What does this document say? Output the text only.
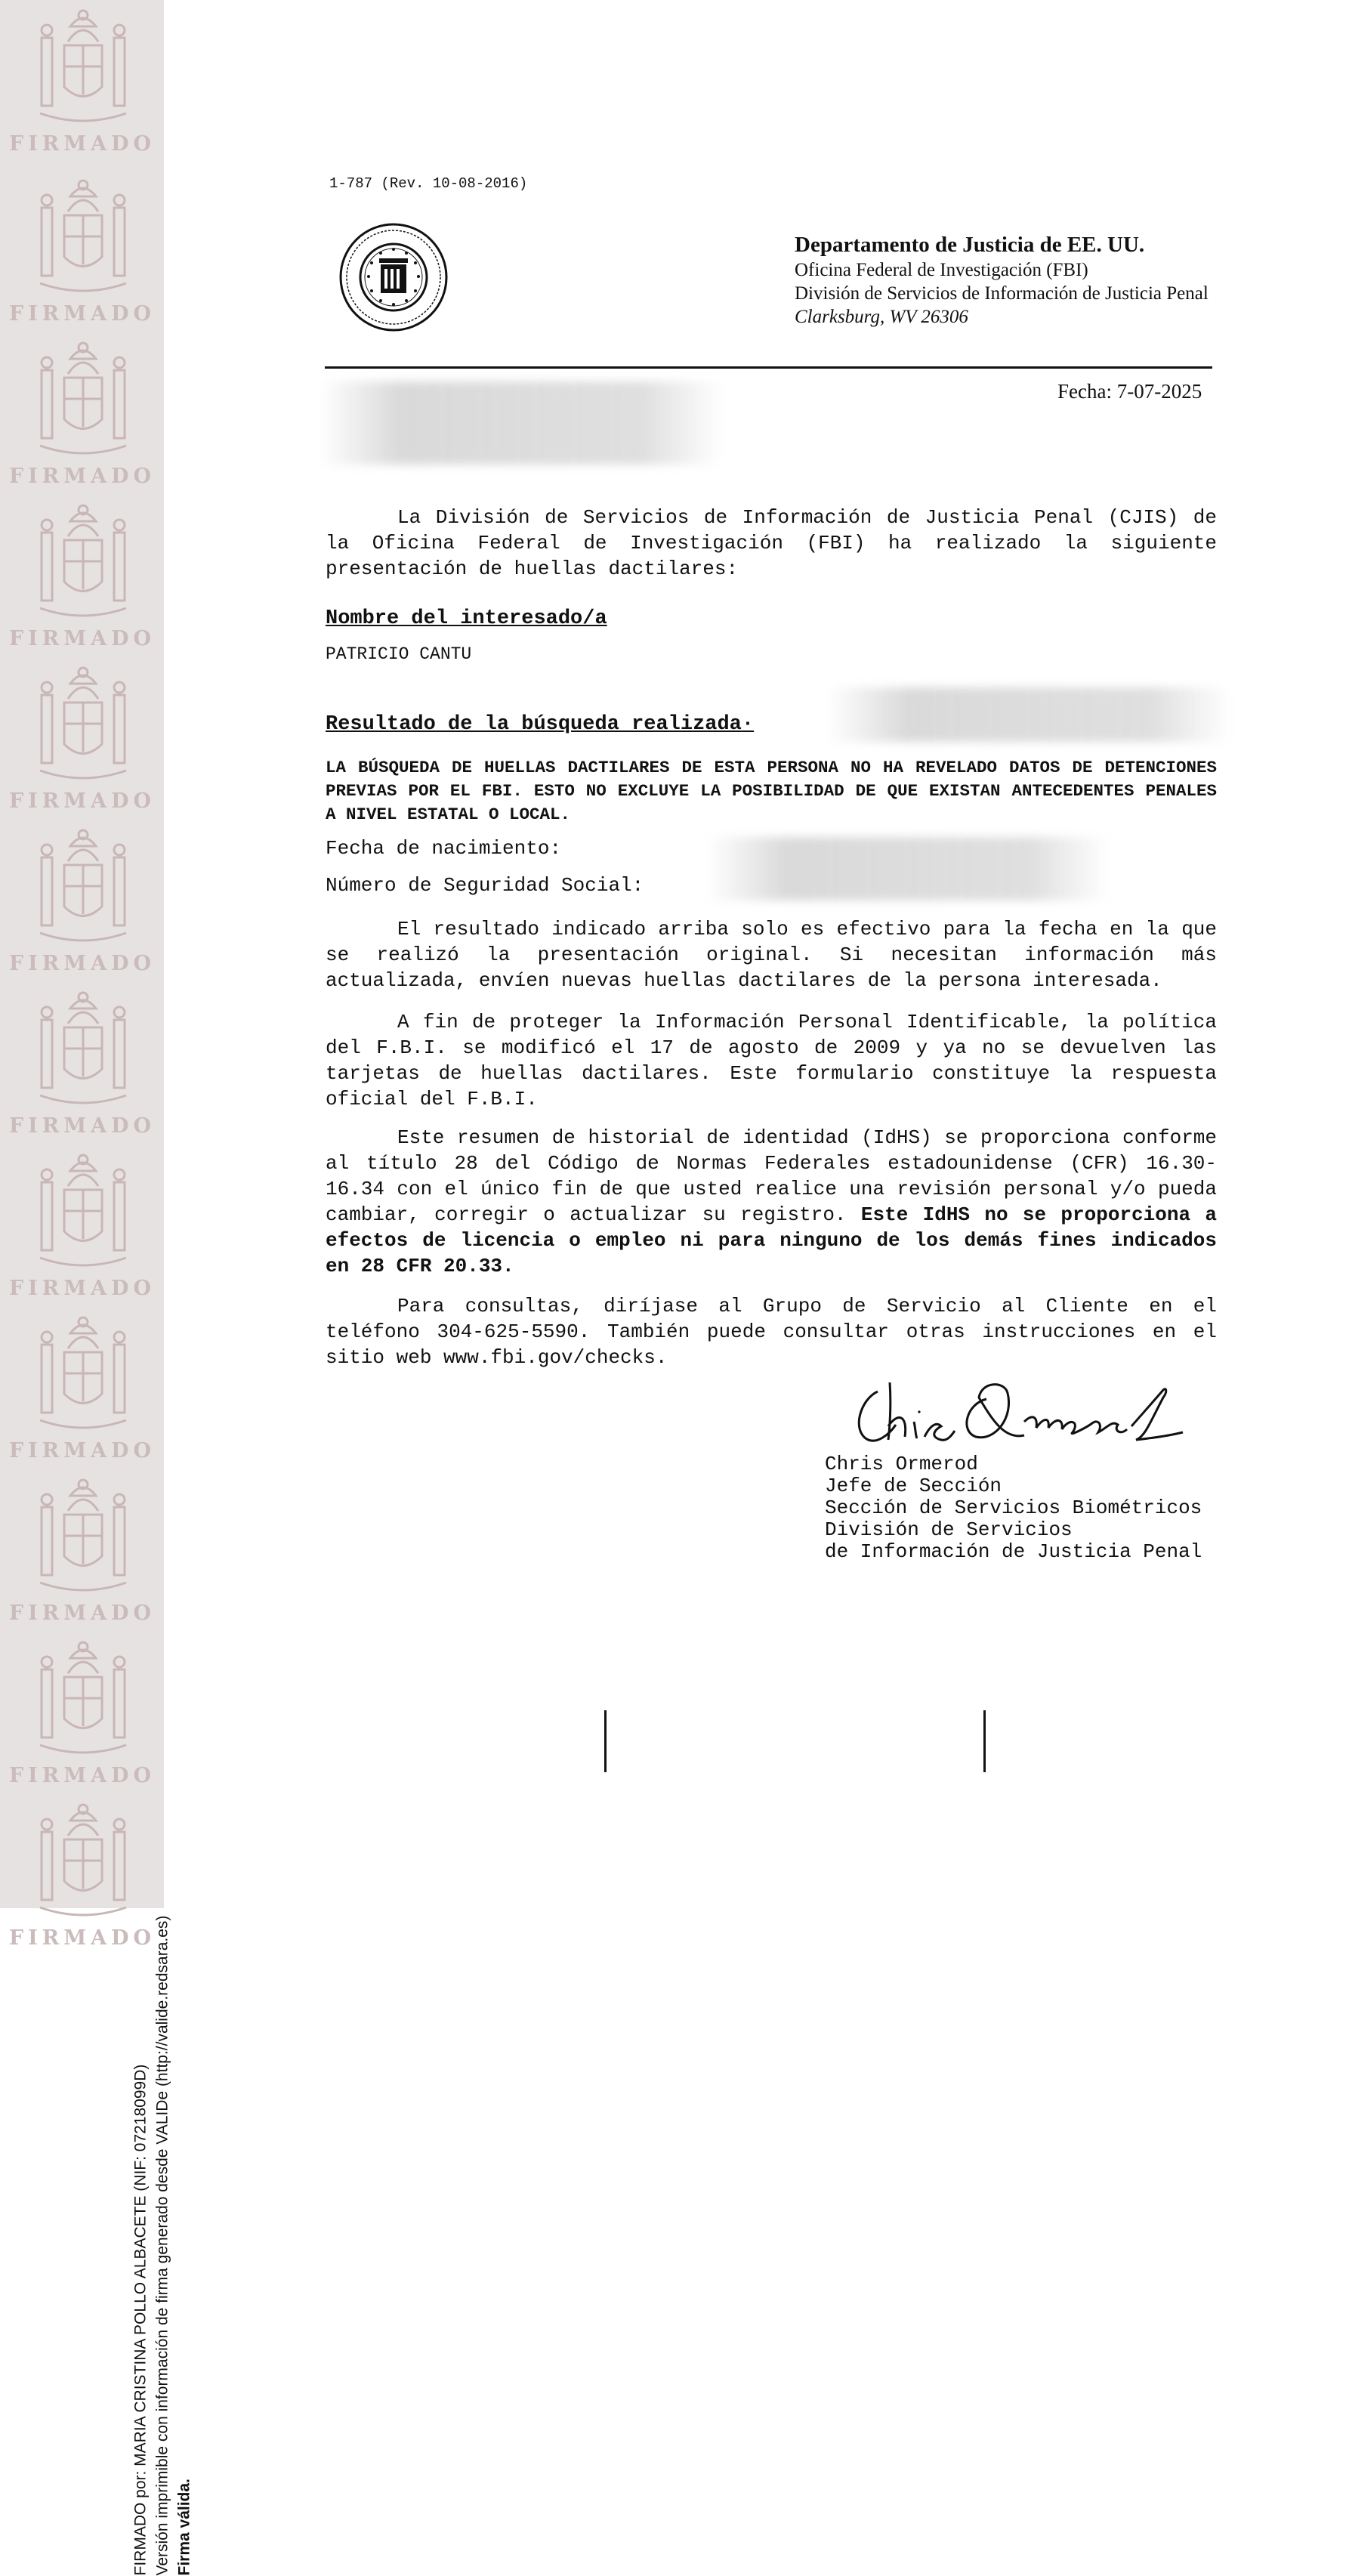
FIRMADO
FIRMADO
FIRMADO
FIRMADO
FIRMADO
FIRMADO
FIRMADO
FIRMADO
FIRMADO
FIRMADO
FIRMADO
FIRMADO
FIRMADO por: MARIA CRISTINA POLLO ALBACETE (NIF: 07218099D) Versión imprimible con información de firma generado desde VALIDe (http://valide.redsara.es) Firma válida.
1-787 (Rev. 10-08-2016)
Departamento de Justicia de EE. UU.
Oficina Federal de Investigación (FBI)
División de Servicios de Información de Justicia Penal
Clarksburg, WV 26306
Fecha: 7-07-2025
La División de Servicios de Información de Justicia Penal (CJIS) de la Oficina Federal de Investigación (FBI) ha realizado la siguiente presentación de huellas dactilares:
Nombre del interesado/a
PATRICIO CANTU
Resultado de la búsqueda realizada·
LA BÚSQUEDA DE HUELLAS DACTILARES DE ESTA PERSONA NO HA REVELADO DATOS DE DETENCIONES PREVIAS POR EL FBI. ESTO NO EXCLUYE LA POSIBILIDAD DE QUE EXISTAN ANTECEDENTES PENALES A NIVEL ESTATAL O LOCAL.
Fecha de nacimiento:
Número de Seguridad Social:
El resultado indicado arriba solo es efectivo para la fecha en la que se realizó la presentación original. Si necesitan información más actualizada, envíen nuevas huellas dactilares de la persona interesada.
A fin de proteger la Información Personal Identificable, la política del F.B.I. se modificó el 17 de agosto de 2009 y ya no se devuelven las tarjetas de huellas dactilares. Este formulario constituye la respuesta oficial del F.B.I.
Este resumen de historial de identidad (IdHS) se proporciona conforme al título 28 del Código de Normas Federales estadounidense (CFR) 16.30-16.34 con el único fin de que usted realice una revisión personal y/o pueda cambiar, corregir o actualizar su registro. Este IdHS no se proporciona a efectos de licencia o empleo ni para ninguno de los demás fines indicados en 28 CFR 20.33.
Para consultas, diríjase al Grupo de Servicio al Cliente en el teléfono 304-625-5590. También puede consultar otras instrucciones en el sitio web www.fbi.gov/checks.
Chris Ormerod
Jefe de Sección
Sección de Servicios Biométricos
División de Servicios
de Información de Justicia Penal
